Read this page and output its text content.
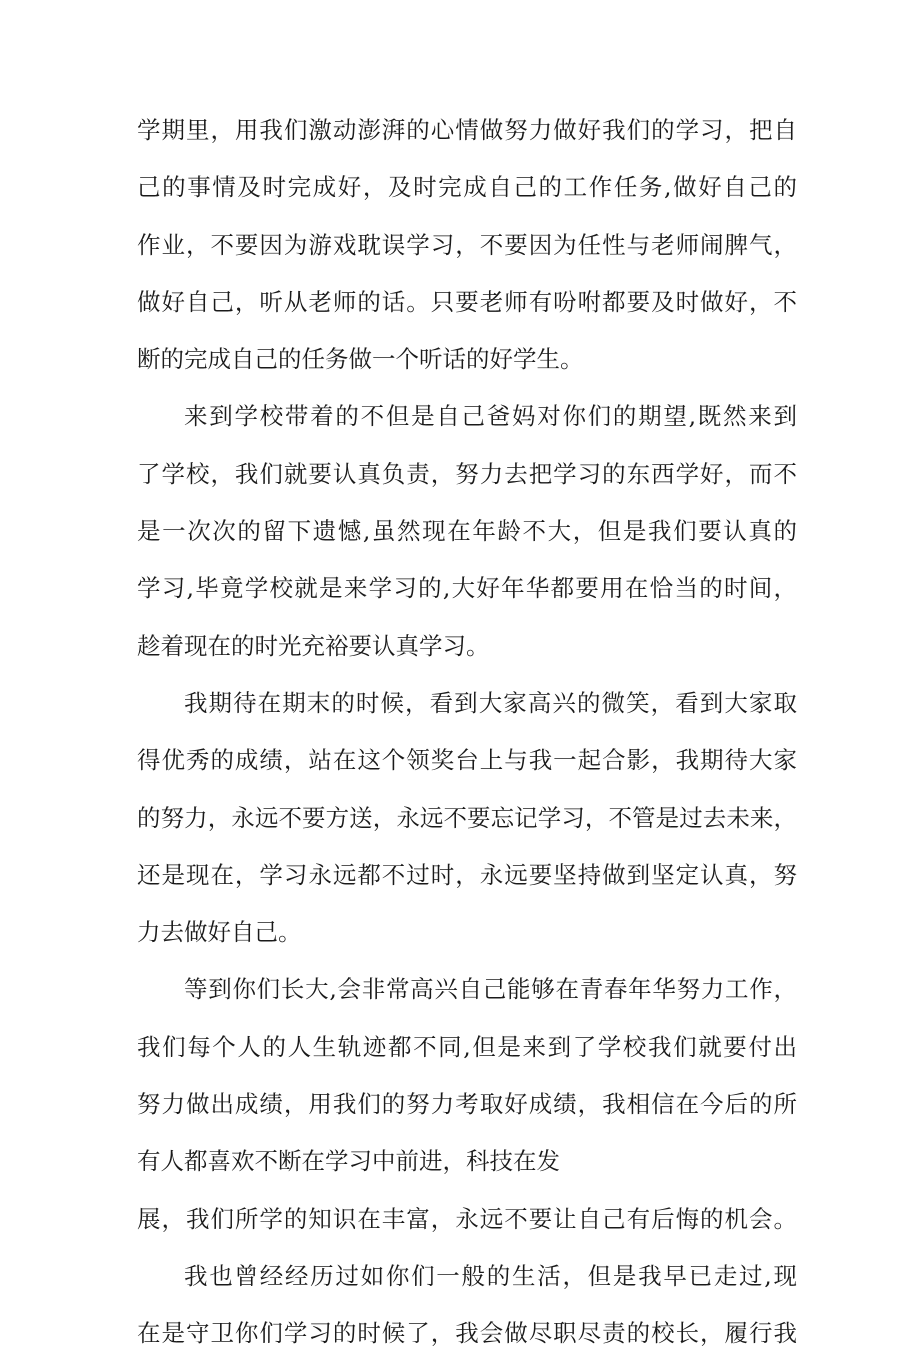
学期里，用我们激动澎湃的心情做努力做好我们的学习，把自
己的事情及时完成好，及时完成自己的工作任务,做好自己的
作业，不要因为游戏耽误学习，不要因为任性与老师闹脾气，
做好自己，听从老师的话。只要老师有吩咐都要及时做好，不
断的完成自己的任务做一个听话的好学生。
来到学校带着的不但是自己爸妈对你们的期望,既然来到
了学校，我们就要认真负责，努力去把学习的东西学好，而不
是一次次的留下遗憾,虽然现在年龄不大，但是我们要认真的
学习,毕竟学校就是来学习的,大好年华都要用在恰当的时间，
趁着现在的时光充裕要认真学习。
我期待在期末的时候，看到大家高兴的微笑，看到大家取
得优秀的成绩，站在这个领奖台上与我一起合影，我期待大家
的努力，永远不要方送，永远不要忘记学习，不管是过去未来，
还是现在，学习永远都不过时，永远要坚持做到坚定认真，努
力去做好自己。
等到你们长大,会非常高兴自己能够在青春年华努力工作，
我们每个人的人生轨迹都不同,但是来到了学校我们就要付出
努力做出成绩，用我们的努力考取好成绩，我相信在今后的所
有人都喜欢不断在学习中前进，科技在发
展，我们所学的知识在丰富，永远不要让自己有后悔的机会。
我也曾经经历过如你们一般的生活，但是我早已走过,现
在是守卫你们学习的时候了，我会做尽职尽责的校长，履行我
